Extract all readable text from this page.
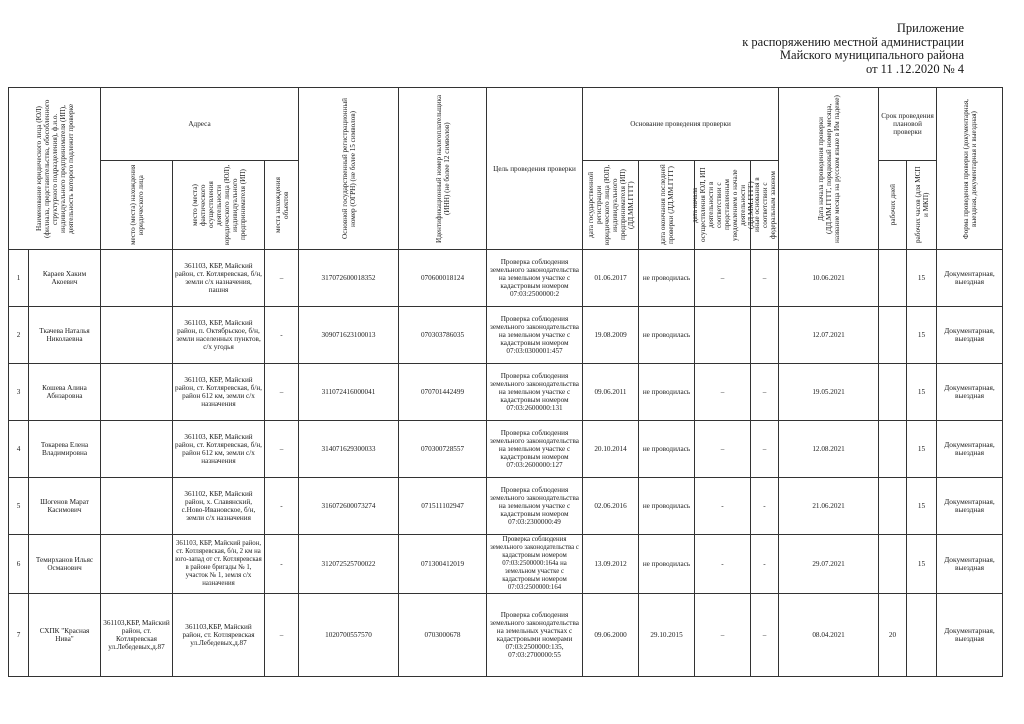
Приложение
к распоряжению местной администрации
Майского муниципального района
от 11 .12.2020 № 4
Наименование юридического лица (ЮЛ) (филиала, представительства, обособленного структурного подразделения), ф.и.о. индивидуального предпринимателя (ИП), деятельность которого подлежит проверке		Адреса			Основной государственный регистрационный номер (ОГРН) (не более 15 символов)	Идентификационный номер налогоплательщика (ИНН) (не более 12 символов)	Цель проведения проверки	Основание проведения проверки				Дата начала проведения проверки (ДД.ММ.ГГГГ, порядковый номер месяца, название месяца на русском языке в Им падеже)	Срок проведения плановой проверки		Форма проведения проверки (документарная, выездная, документарная и выездная)

		место (места) нахождения юридического лица	место (места) фактического осуществления деятельности юридического лица (ЮЛ), индивидуального предпринимателя (ИП)	места нахождения объектов				дата государственной регистрации юридического лица (ЮЛ), индивидуального предпринимателя (ИП) (ДД.ММ.ГГГГ)	дата окончания последней проверки (ДД.ММ.ГГГГ)	дата начала осуществления ЮЛ, ИП деятельности в соответствии с представленным уведомлением о начале деятельности (ДД.ММ.ГГГГ)	иные основания в соответствии с федеральным законом		рабочих дней	рабочих часов (для МСП и МКП)	

1	Караев Хаким Акоевич		361103, КБР, Майский район, ст. Котляревская, б/н, земли с/х назначения, пашня	–	317072600018352	070600018124	Проверка соблюдения земельного законодательства на земельном участке с кадастровым номером 07:03:2500000:2	01.06.2017	не проводилась	–	–	10.06.2021		15	Документарная, выездная
2	Ткачева Наталья Николаевна		361103, КБР, Майский район, п. Октябрьское, б/н, земли населенных пунктов, с/х угодья	-	309071623100013	070303786035	Проверка соблюдения земельного законодательства на земельном участке с кадастровым номером 07:03:0300001:457	19.08.2009	не проводилась			12.07.2021		15	Документарная, выездная
3	Кошева Алина Абнзаровна		361103, КБР, Майский район, ст. Котляревская, б/н, район 612 км, земли с/х назначения	–	311072416000041	070701442499	Проверка соблюдения земельного законодательства на земельном участке с кадастровым номером 07:03:2600000:131	09.06.2011	не проводилась	–	–	19.05.2021		15	Документарная, выездная
4	Токарева Елена Владимировна		361103, КБР, Майский район, ст. Котляревская, б/н, район 612 км, земли с/х назначения	–	314071629300033	070300728557	Проверка соблюдения земельного законодательства на земельном участке с кадастровым номером 07:03:2600000:127	20.10.2014	не проводилась	–	–	12.08.2021		15	Документарная, выездная
5	Шогенов Марат Касимович		361102, КБР, Майский район, х. Славянский, с.Ново-Ивановское, б/н, земли с/х назначения	-	316072600073274	071511102947	Проверка соблюдения земельного законодательства на земельном участке с кадастровым номером 07:03:2300000:49	02.06.2016	не проводилась	-	-	21.06.2021		15	Документарная, выездная
6	Темирханов Ильяс Османович		361103, КБР, Майский район, ст. Котляревская, б/н, 2 км на юго-запад от ст. Котляревская в районе бригады № 1, участок № 1, земля с/х назначения	-	312072525700022	071300412019	Проверка соблюдения земельного законодательства с кадастровым номером 07:03:2500000:164а на земельном участке с кадастровым номером 07:03:2500000:164	13.09.2012	не проводилась	-	-	29.07.2021		15	Документарная, выездная
7	СХПК "Красная Нива"	361103,КБР, Майский район, ст. Котляревская ул.Лебедевых,д.87	361103,КБР, Майский район, ст. Котляревская ул.Лебедевых,д.87	–	1020700557570	0703000678	Проверка соблюдения земельного законодательства на земельных участках с кадастровыми номерами 07:03:2500000:135, 07:03:2700000:55	09.06.2000	29.10.2015	–	–	08.04.2021	20		Документарная, выездная
